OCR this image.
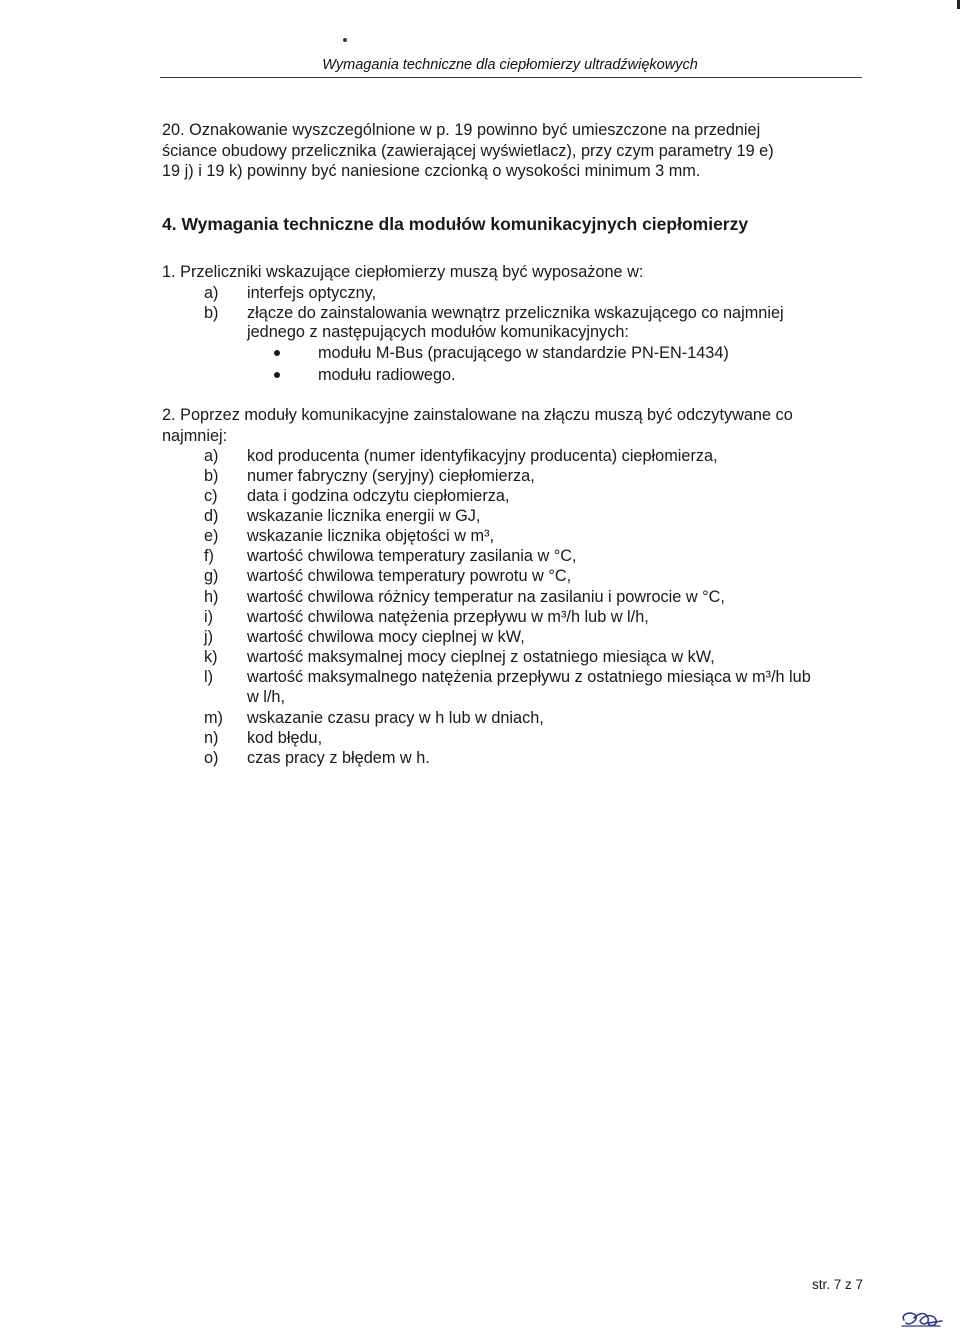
Wymagania techniczne dla ciepłomierzy ultradźwiękowych
20. Oznakowanie wyszczególnione w p. 19 powinno być umieszczone na przedniej
ściance obudowy przelicznika (zawierającej wyświetlacz), przy czym parametry 19 e)
19 j) i 19 k) powinny być naniesione czcionką o wysokości minimum 3 mm.
4. Wymagania techniczne dla modułów komunikacyjnych ciepłomierzy
1. Przeliczniki wskazujące ciepłomierzy muszą być wyposażone w:
a) interfejs optyczny,
b) złącze do zainstalowania wewnątrz przelicznika wskazującego co najmniej
jednego z następujących modułów komunikacyjnych:
modułu M-Bus (pracującego w standardzie PN-EN-1434)
modułu radiowego.
2. Poprzez moduły komunikacyjne zainstalowane na złączu muszą być odczytywane co
najmniej:
a) kod producenta (numer identyfikacyjny producenta) ciepłomierza,
b) numer fabryczny (seryjny) ciepłomierza,
c) data i godzina odczytu ciepłomierza,
d) wskazanie licznika energii w GJ,
e) wskazanie licznika objętości w m³,
f) wartość chwilowa temperatury zasilania w °C,
g) wartość chwilowa temperatury powrotu w °C,
h) wartość chwilowa różnicy temperatur na zasilaniu i powrocie w °C,
i) wartość chwilowa natężenia przepływu w m³/h lub w l/h,
j) wartość chwilowa mocy cieplnej w kW,
k) wartość maksymalnej mocy cieplnej z ostatniego miesiąca w kW,
l) wartość maksymalnego natężenia przepływu z ostatniego miesiąca w m³/h lub
w l/h,
m) wskazanie czasu pracy w h lub w dniach,
n) kod błędu,
o) czas pracy z błędem w h.
str. 7 z 7
